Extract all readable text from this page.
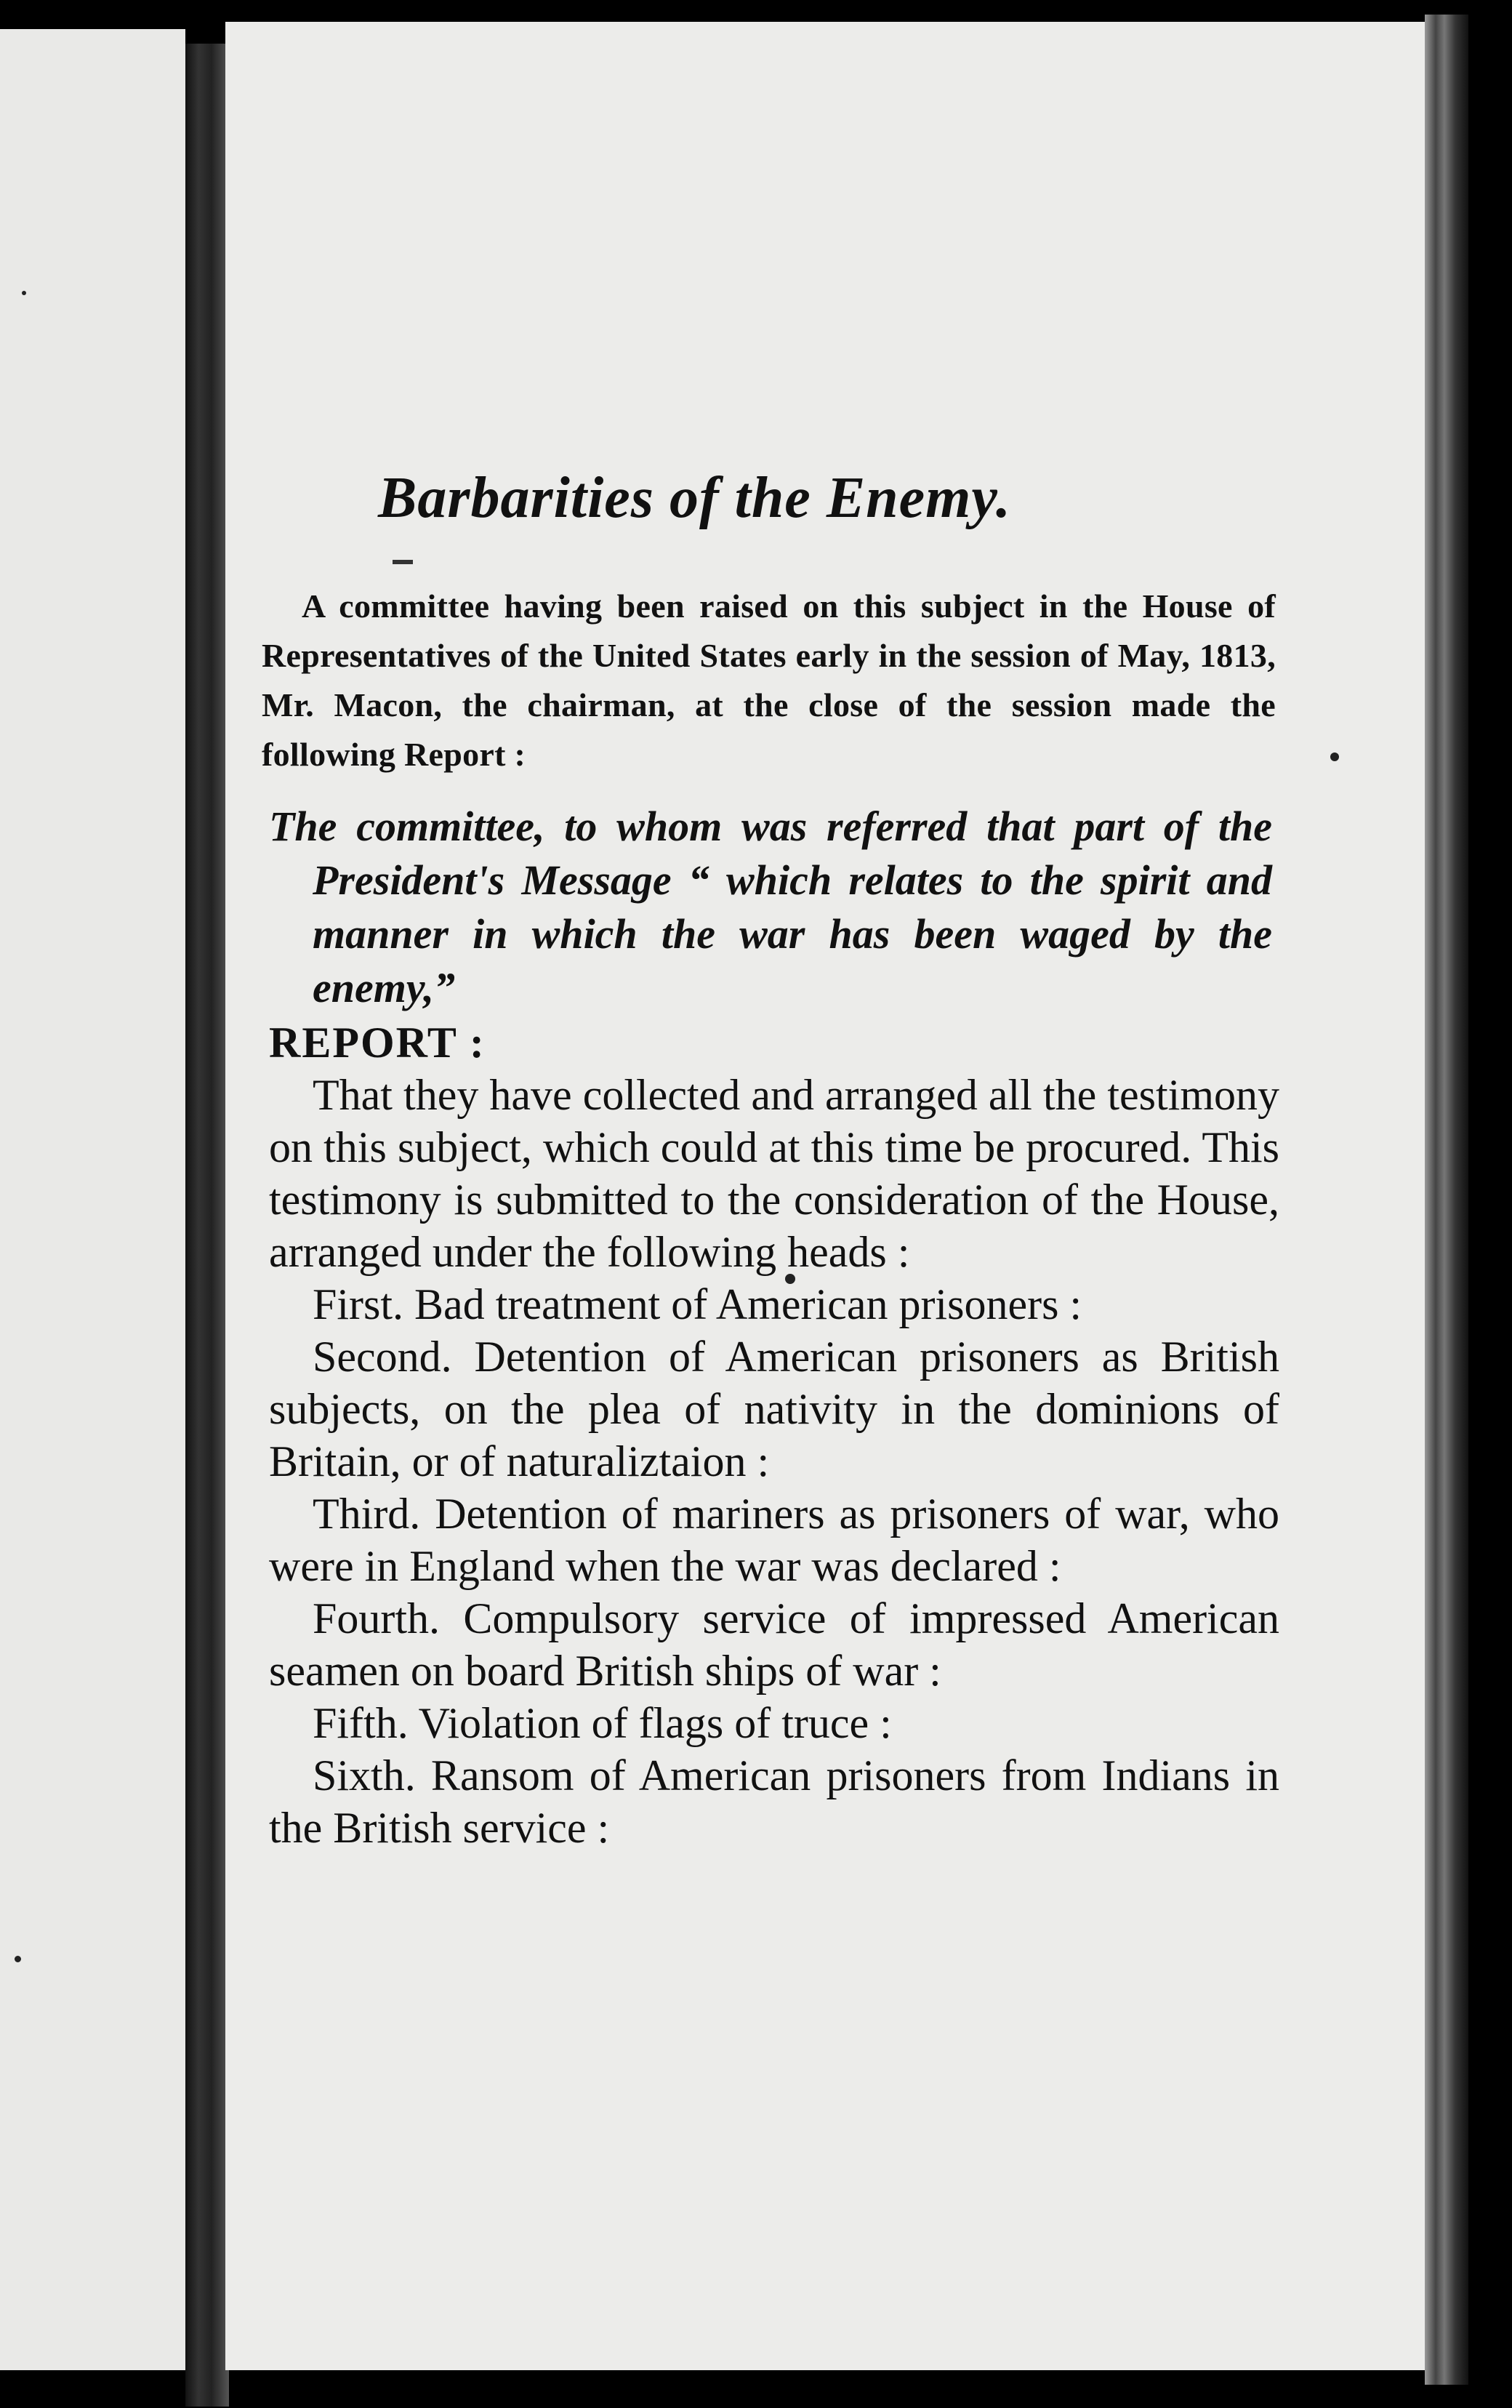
Barbarities of the Enemy.
A committee having been raised on this subject in the House of Representatives of the United States early in the session of May, 1813, Mr. Macon, the chairman, at the close of the session made the following Report :
The committee, to whom was referred that part of the President's Message “ which relates to the spirit and manner in which the war has been waged by the enemy,”
REPORT :

That they have collected and arranged all the testimony on this subject, which could at this time be procured. This testimony is submitted to the consideration of the House, arranged under the following heads :

First. Bad treatment of American prisoners :

Second. Detention of American prisoners as British subjects, on the plea of nativity in the dominions of Britain, or of naturaliztaion :

Third. Detention of mariners as prisoners of war, who were in England when the war was declared :

Fourth. Compulsory service of impressed American seamen on board British ships of war :

Fifth. Violation of flags of truce :

Sixth. Ransom of American prisoners from Indians in the British service :
